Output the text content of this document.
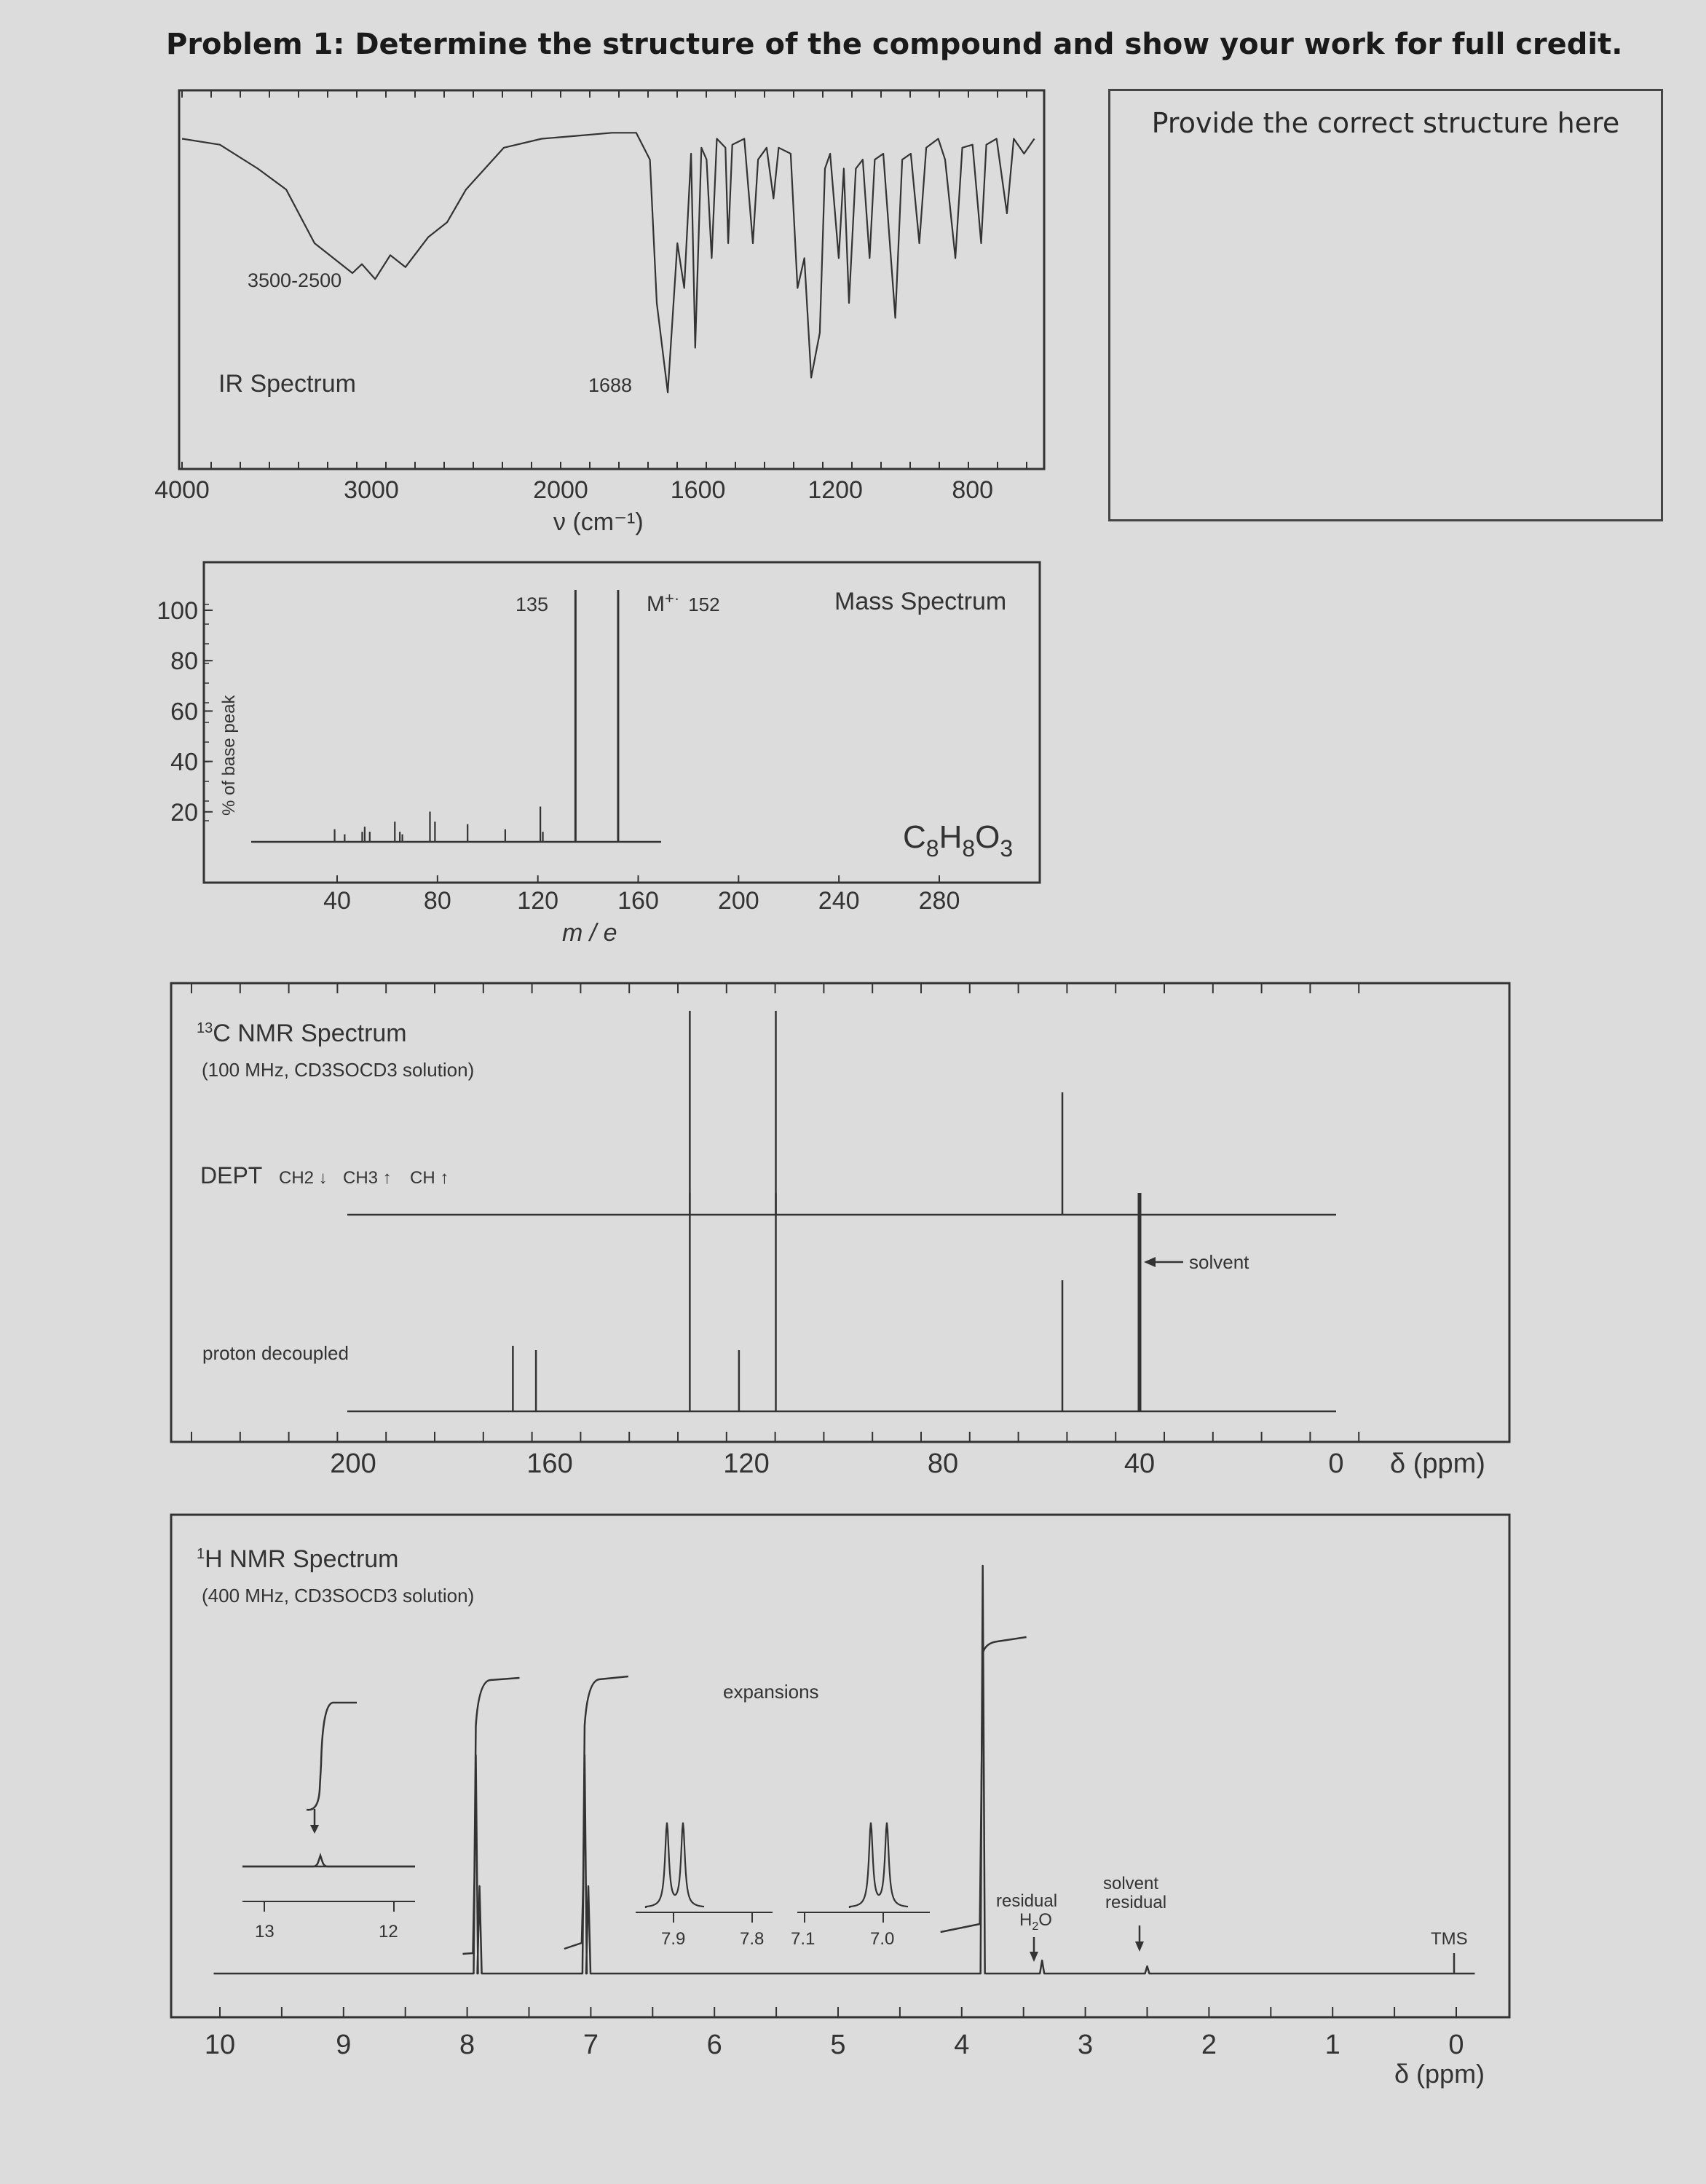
Problem 1: Determine the structure of the compound and show your work for full credit.
Provide the correct structure here
3500-2500
IR Spectrum	1688
4000	3000	2000	1600	1200	800
ν (cm⁻¹)
100
80
60
40
20 % of base peak
135	M+· 152	Mass Spectrum
$C_8H_8O_3$
40	80	120 160 200 240 280
m / e
$^{13}$C NMR Spectrum
(100 MHz, CD3SOCD3 solution)
DEPT CH2 ↓ CH3 ↑ CH ↑
proton decoupled
solvent
200	160	120	80	40	0 δ (ppm)
$^1$H NMR Spectrum
(400 MHz, CD3SOCD3 solution)
13	12
expansions
7.9	7.8 7.1	7.0
residual
$H_2O$
solvent
residual
TMS
10	9	8	7	6	5	4	3	2	1	0
δ (ppm)
